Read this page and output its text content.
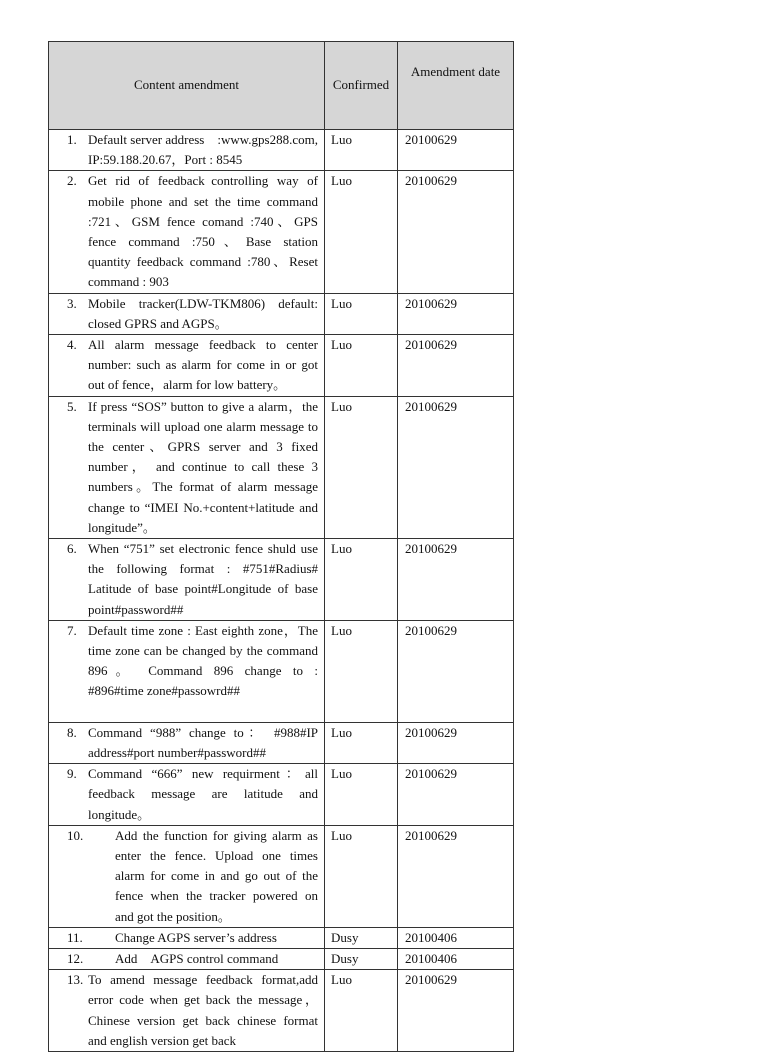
Content amendment	Confirmed	Amendment date

1. Default server address :www.gps288.com, IP:59.188.20.67，Port : 8545	Luo	20100629

2. Get rid of feedback controlling way of mobile phone and set the time command :721、GSM fence comand :740、GPS fence command :750、Base station quantity feedback command :780、Reset command : 903	Luo	20100629

3. Mobile tracker(LDW-TKM806) default: closed GPRS and AGPS。	Luo	20100629

4. All alarm message feedback to center number: such as alarm for come in or got out of fence，alarm for low battery。	Luo	20100629

5. If press “SOS” button to give a alarm，the terminals will upload one alarm message to the center、GPRS server and 3 fixed number， and continue to call these 3 numbers。The format of alarm message change to “IMEI No.+content+latitude and longitude”。	Luo	20100629

6. When “751” set electronic fence shuld use the following format : #751#Radius# Latitude of base point#Longitude of base point#password##	Luo	20100629

7. Default time zone : East eighth zone，The time zone can be changed by the command 896。 Command 896 change to : #896#time zone#passowrd##	Luo	20100629

8. Command “988” change to： #988#IP address#port number#password##	Luo	20100629

9. Command “666” new requirment：all feedback message are latitude and longitude。	Luo	20100629

10. Add the function for giving alarm as enter the fence. Upload one times alarm for come in and go out of the fence when the tracker powered on and got the position。	Luo	20100629

11. Change AGPS server’s address	Dusy	20100406

12. Add AGPS control command	Dusy	20100406

13. To amend message feedback format,add error code when get back the message，Chinese version get back chinese format and english version get back	Luo	20100629
